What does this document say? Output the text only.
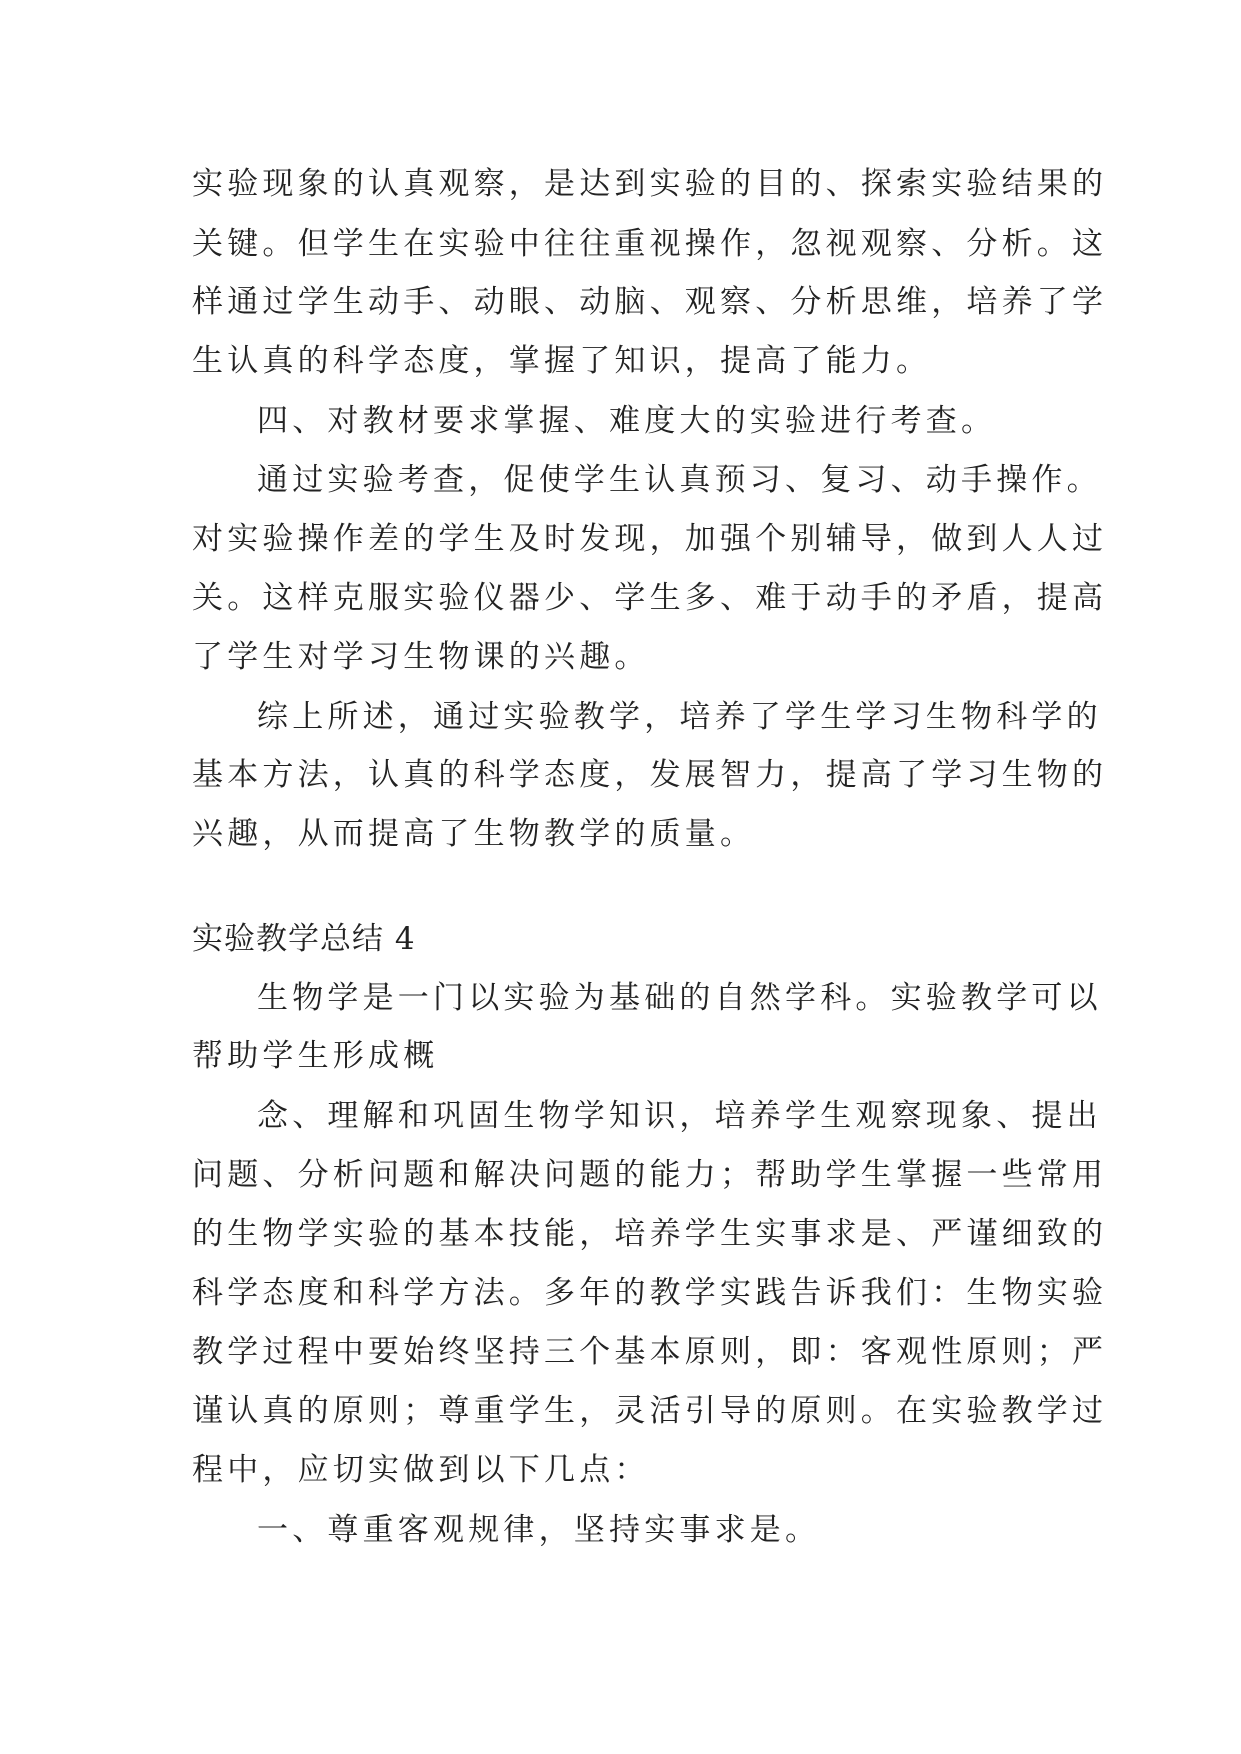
实验现象的认真观察，是达到实验的目的、探索实验结果的
关键。但学生在实验中往往重视操作，忽视观察、分析。这
样通过学生动手、动眼、动脑、观察、分析思维，培养了学
生认真的科学态度，掌握了知识，提高了能力。
四、对教材要求掌握、难度大的实验进行考查。
通过实验考查，促使学生认真预习、复习、动手操作。
对实验操作差的学生及时发现，加强个别辅导，做到人人过
关。这样克服实验仪器少、学生多、难于动手的矛盾，提高
了学生对学习生物课的兴趣。
综上所述，通过实验教学，培养了学生学习生物科学的
基本方法，认真的科学态度，发展智力，提高了学习生物的
兴趣，从而提高了生物教学的质量。
实验教学总结 4
生物学是一门以实验为基础的自然学科。实验教学可以
帮助学生形成概
念、理解和巩固生物学知识，培养学生观察现象、提出
问题、分析问题和解决问题的能力；帮助学生掌握一些常用
的生物学实验的基本技能，培养学生实事求是、严谨细致的
科学态度和科学方法。多年的教学实践告诉我们：生物实验
教学过程中要始终坚持三个基本原则，即：客观性原则；严
谨认真的原则；尊重学生，灵活引导的原则。在实验教学过
程中，应切实做到以下几点：
一、尊重客观规律，坚持实事求是。
